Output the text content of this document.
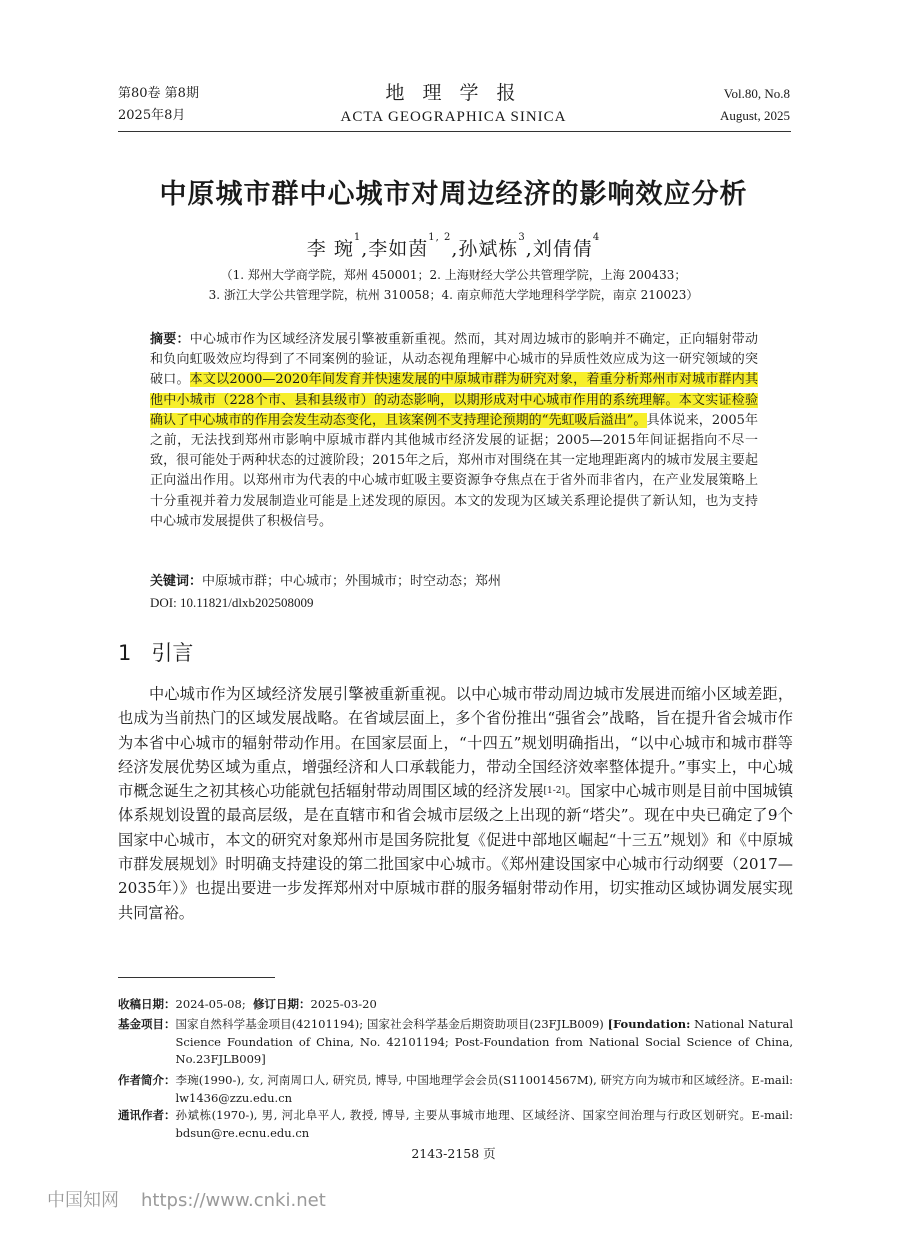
第80卷 第8期
2025年8月
地 理 学 报
ACTA GEOGRAPHICA SINICA
Vol.80, No.8
August, 2025
中原城市群中心城市对周边经济的影响效应分析
李 琬$^1$,李如茵$^{1, 2}$,孙斌栋$^3$,刘倩倩$^4$
（1. 郑州大学商学院，郑州 450001；2. 上海财经大学公共管理学院，上海 200433；
3. 浙江大学公共管理学院，杭州 310058；4. 南京师范大学地理科学学院，南京 210023）
摘要：中心城市作为区域经济发展引擎被重新重视。然而，其对周边城市的影响并不确定，正向辐射带动和负向虹吸效应均得到了不同案例的验证，从动态视角理解中心城市的异质性效应成为这一研究领域的突破口。本文以2000—2020年间发育并快速发展的中原城市群为研究对象，着重分析郑州市对城市群内其他中小城市（228个市、县和县级市）的动态影响，以期形成对中心城市作用的系统理解。本文实证检验确认了中心城市的作用会发生动态变化，且该案例不支持理论预期的“先虹吸后溢出”。具体说来，2005年之前，无法找到郑州市影响中原城市群内其他城市经济发展的证据；2005—2015年间证据指向不尽一致，很可能处于两种状态的过渡阶段；2015年之后，郑州市对围绕在其一定地理距离内的城市发展主要起正向溢出作用。以郑州市为代表的中心城市虹吸主要资源争夺焦点在于省外而非省内，在产业发展策略上十分重视并着力发展制造业可能是上述发现的原因。本文的发现为区域关系理论提供了新认知，也为支持中心城市发展提供了积极信号。
关键词：中原城市群；中心城市；外围城市；时空动态；郑州
DOI: 10.11821/dlxb202508009
1 引言
中心城市作为区域经济发展引擎被重新重视。以中心城市带动周边城市发展进而缩小区域差距，也成为当前热门的区域发展战略。在省域层面上，多个省份推出“强省会”战略，旨在提升省会城市作为本省中心城市的辐射带动作用。在国家层面上，“十四五”规划明确指出，“以中心城市和城市群等经济发展优势区域为重点，增强经济和人口承载能力，带动全国经济效率整体提升。”事实上，中心城市概念诞生之初其核心功能就包括辐射带动周围区域的经济发展[1-2]。国家中心城市则是目前中国城镇体系规划设置的最高层级，是在直辖市和省会城市层级之上出现的新“塔尖”。现在中央已确定了9个国家中心城市，本文的研究对象郑州市是国务院批复《促进中部地区崛起“十三五”规划》和《中原城市群发展规划》时明确支持建设的第二批国家中心城市。《郑州建设国家中心城市行动纲要（2017—2035年）》也提出要进一步发挥郑州对中原城市群的服务辐射带动作用，切实推动区域协调发展实现共同富裕。
收稿日期：2024-05-08;  修订日期：2025-03-20
基金项目： 国家自然科学基金项目(42101194); 国家社会科学基金后期资助项目(23FJLB009) [Foundation: National Natural Science Foundation of China, No. 42101194; Post-Foundation from National Social Science of China, No.23FJLB009]
作者简介： 李琬(1990-), 女, 河南周口人, 研究员, 博导, 中国地理学会会员(S110014567M), 研究方向为城市和区域经济。E-mail: lw1436@zzu.edu.cn
通讯作者： 孙斌栋(1970-), 男, 河北阜平人, 教授, 博导, 主要从事城市地理、区域经济、国家空间治理与行政区划研究。E-mail: bdsun@re.ecnu.edu.cn
2143-2158 页
中国知网 https://www.cnki.net
